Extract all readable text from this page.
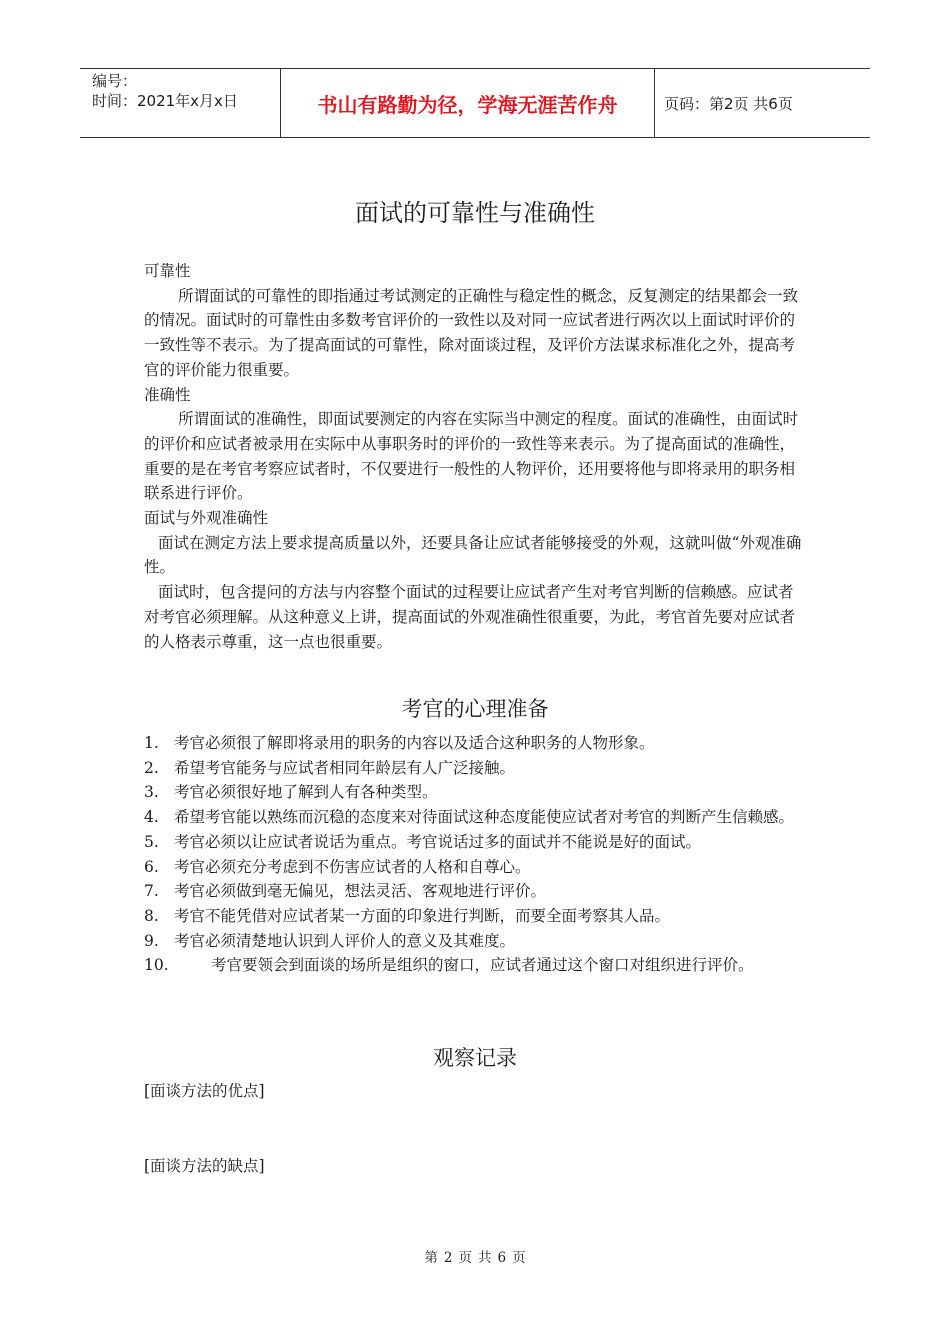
编号：
时间：2021年x月x日	书山有路勤为径，学海无涯苦作舟	页码：第2页 共6页
面试的可靠性与准确性

可靠性

所谓面试的可靠性的即指通过考试测定的正确性与稳定性的概念，反复测定的结果都会一致的情况。面试时的可靠性由多数考官评价的一致性以及对同一应试者进行两次以上面试时评价的一致性等不表示。为了提高面试的可靠性，除对面谈过程，及评价方法谋求标准化之外，提高考官的评价能力很重要。

准确性

所谓面试的准确性，即面试要测定的内容在实际当中测定的程度。面试的准确性，由面试时的评价和应试者被录用在实际中从事职务时的评价的一致性等来表示。为了提高面试的准确性，重要的是在考官考察应试者时，不仅要进行一般性的人物评价，还用要将他与即将录用的职务相联系进行评价。

面试与外观准确性

面试在测定方法上要求提高质量以外，还要具备让应试者能够接受的外观，这就叫做“外观准确性。

面试时，包含提问的方法与内容整个面试的过程要让应试者产生对考官判断的信赖感。应试者对考官必须理解。从这种意义上讲，提高面试的外观准确性很重要，为此，考官首先要对应试者的人格表示尊重，这一点也很重要。

考官的心理准备
1. 考官必须很了解即将录用的职务的内容以及适合这种职务的人物形象。
2. 希望考官能务与应试者相同年龄层有人广泛接触。
3. 考官必须很好地了解到人有各种类型。
4. 希望考官能以熟练而沉稳的态度来对待面试这种态度能使应试者对考官的判断产生信赖感。
5. 考官必须以让应试者说话为重点。考官说话过多的面试并不能说是好的面试。
6. 考官必须充分考虑到不伤害应试者的人格和自尊心。
7. 考官必须做到毫无偏见，想法灵活、客观地进行评价。
8. 考官不能凭借对应试者某一方面的印象进行判断，而要全面考察其人品。
9. 考官必须清楚地认识到人评价人的意义及其难度。
10.	考官要领会到面谈的场所是组织的窗口，应试者通过这个窗口对组织进行评价。
观察记录
[面谈方法的优点]
[面谈方法的缺点]
第 2 页 共 6 页
